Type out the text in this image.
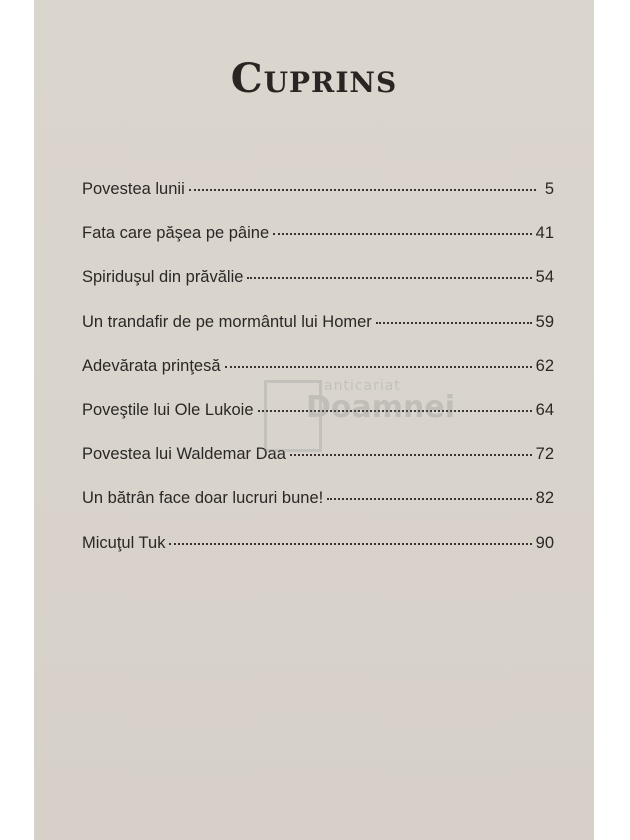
Cuprins
Povestea lunii	5
Fata care păşea pe pâine	41
Spiriduşul din prăvălie	54
Un trandafir de pe mormântul lui Homer	59
Adevărata prinţesă	62
Poveştile lui Ole Lukoie	64
Povestea lui Waldemar Daa	72
Un bătrân face doar lucruri bune!	82
Micuţul Tuk	90
anticariat
Doamnei
